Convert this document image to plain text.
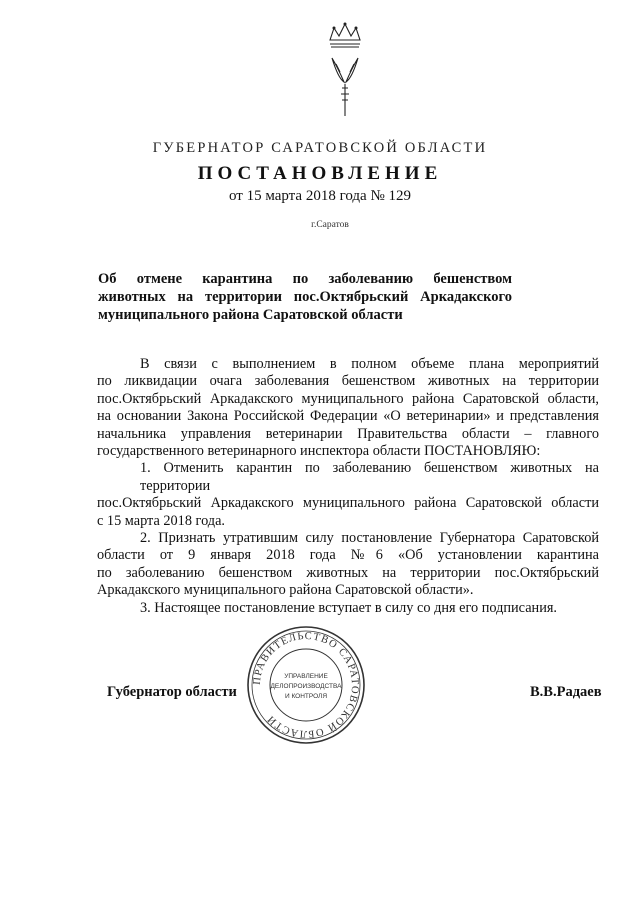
ГУБЕРНАТОР САРАТОВСКОЙ ОБЛАСТИ
ПОСТАНОВЛЕНИЕ
от 15 марта 2018 года № 129
г.Саратов
Об отмене карантина по заболеванию бешенством
животных на территории пос.Октябрьский Аркадакского
муниципального района Саратовской области

В связи с выполнением в полном объеме плана мероприятий
по ликвидации очага заболевания бешенством животных на территории
пос.Октябрьский Аркадакского муниципального района Саратовской области,
на основании Закона Российской Федерации «О ветеринарии» и представления
начальника управления ветеринарии Правительства области – главного
государственного ветеринарного инспектора области ПОСТАНОВЛЯЮ:

1. Отменить карантин по заболеванию бешенством животных на территории
пос.Октябрьский Аркадакского муниципального района Саратовской области
с 15 марта 2018 года.

2. Признать утратившим силу постановление Губернатора Саратовской
области от 9 января 2018 года №6 «Об установлении карантина
по заболеванию бешенством животных на территории пос.Октябрьский
Аркадакского муниципального района Саратовской области».

3. Настоящее постановление вступает в силу со дня его подписания.

Губернатор области	В.В.Радаев
ПРАВИТЕЛЬСТВО САРАТОВСКОЙ ОБЛАСТИ
УПРАВЛЕНИЕ
ДЕЛОПРОИЗВОДСТВА
И КОНТРОЛЯ
